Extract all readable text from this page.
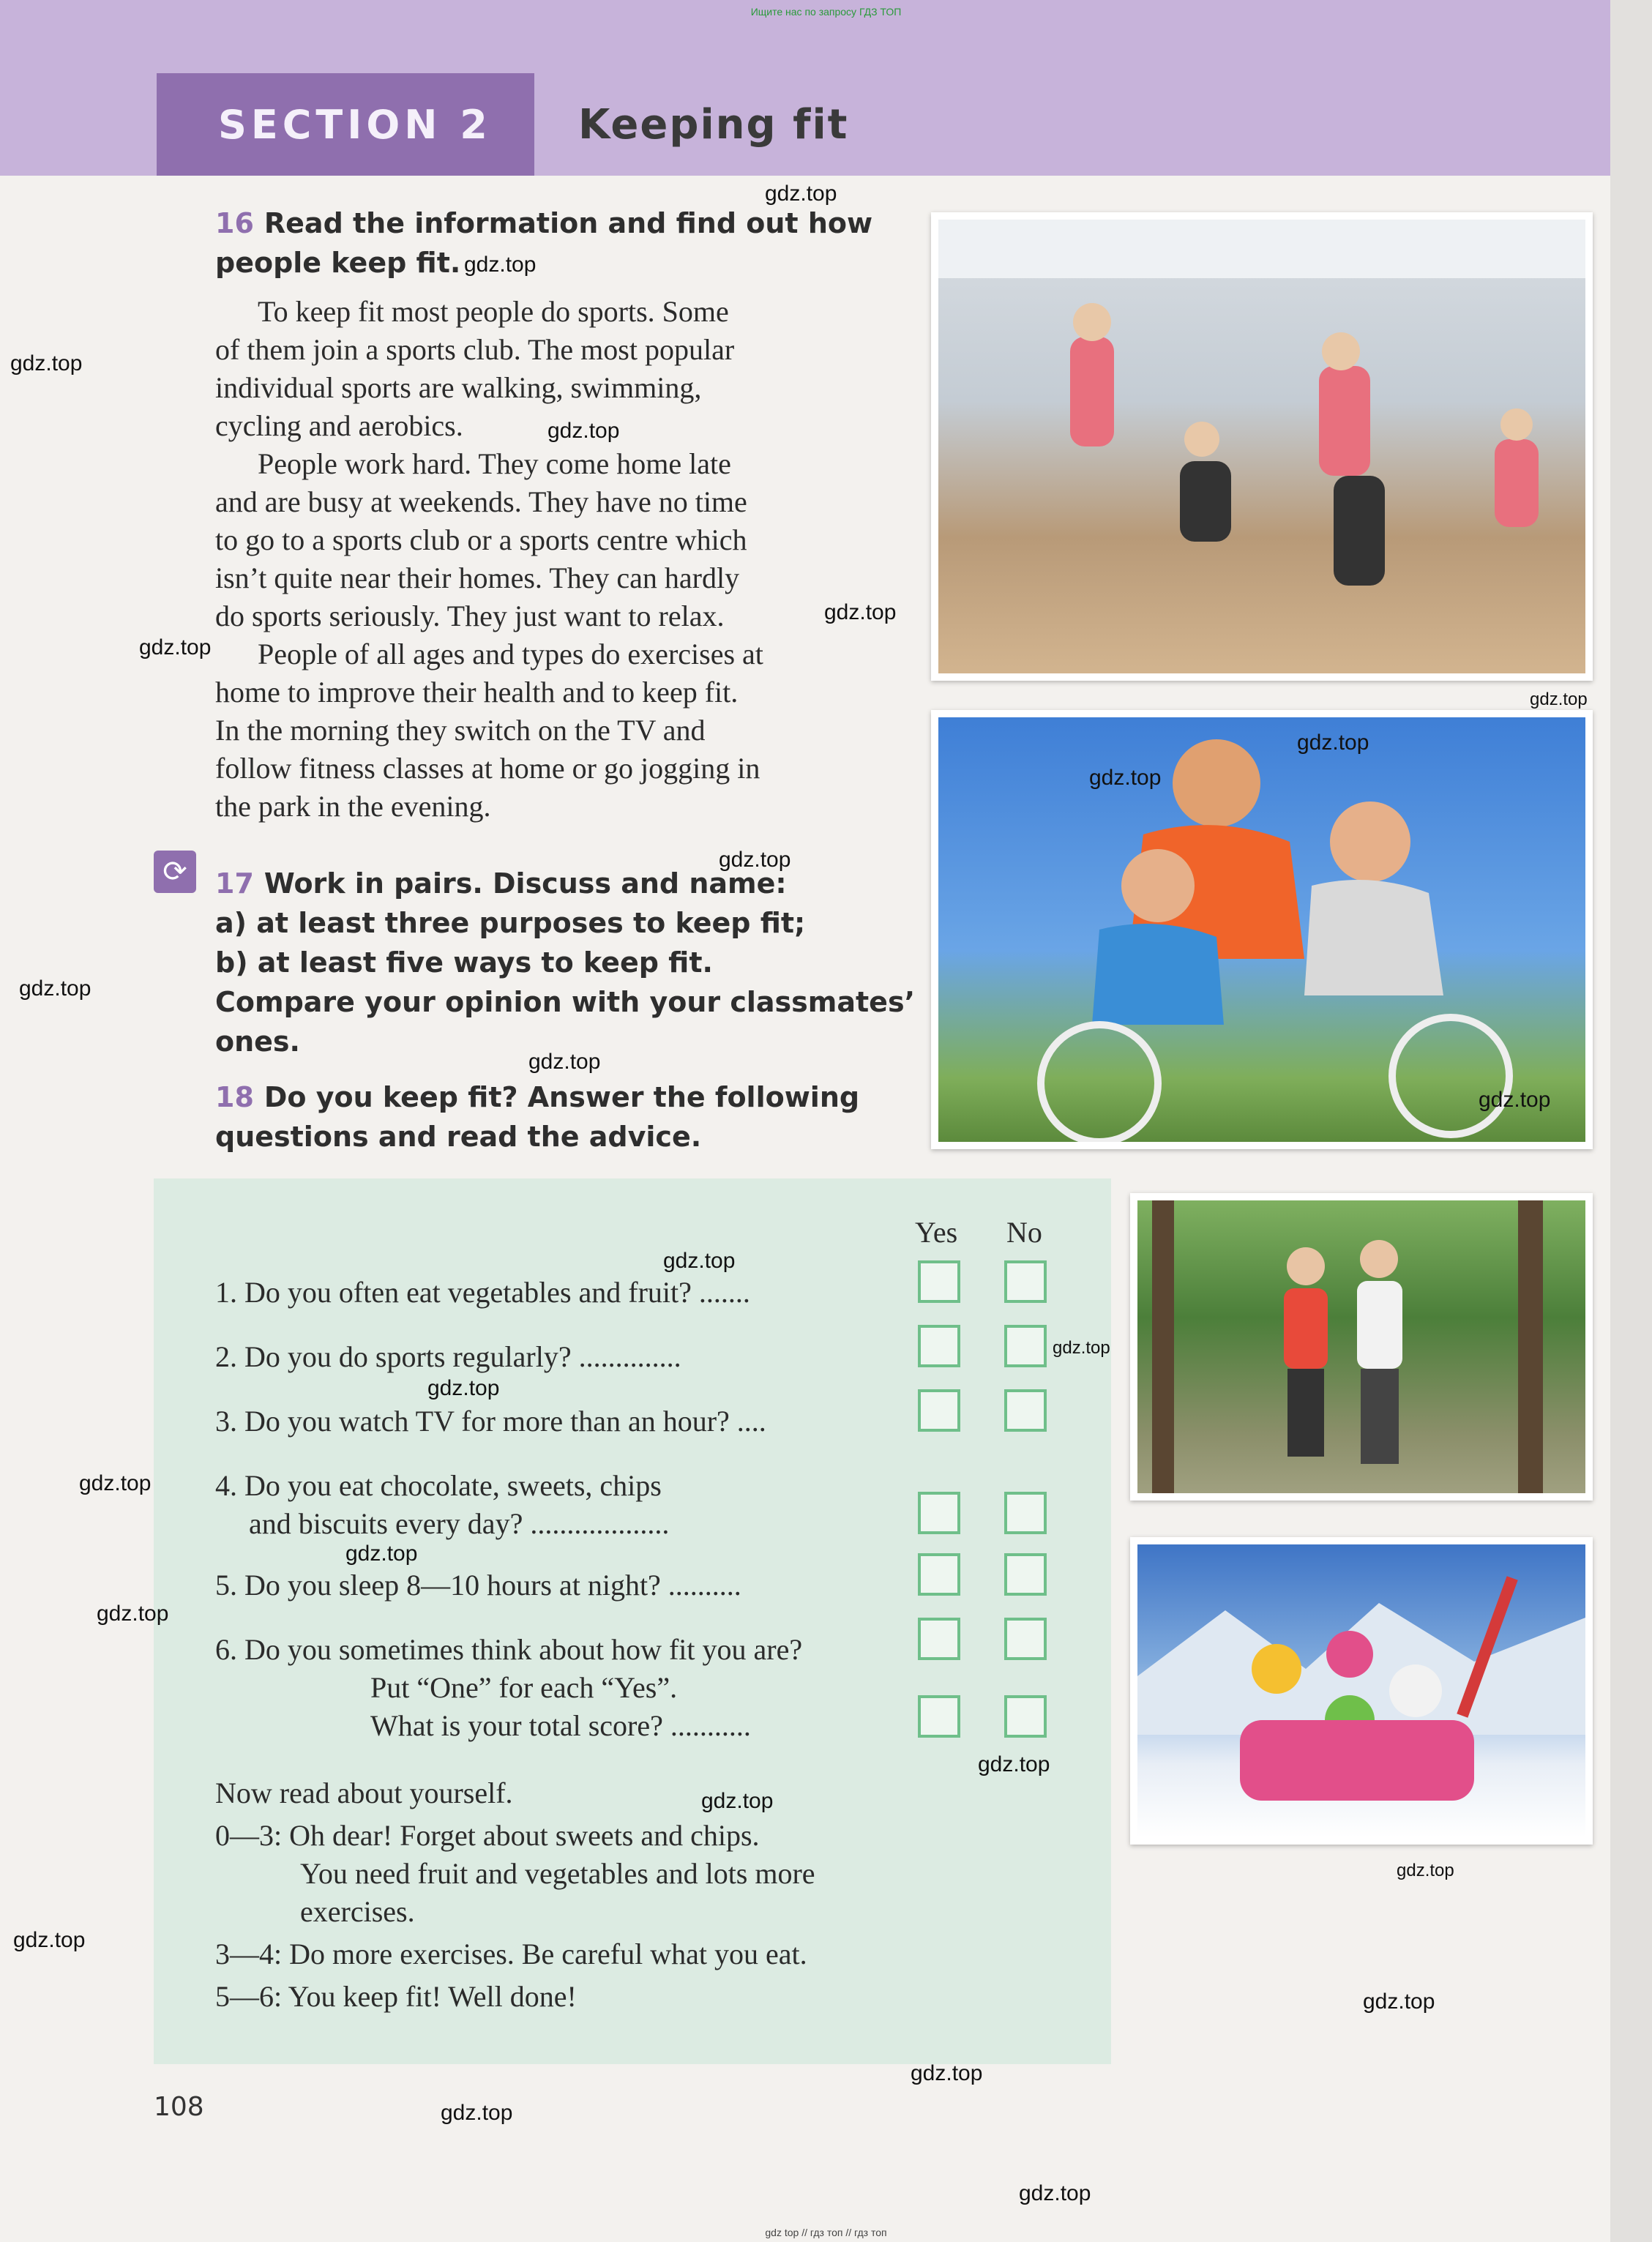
Ищите нас по запросу ГДЗ ТОП
SECTION 2 Keeping fit
16 Read the information and find out how
people keep fit.
To keep fit most people do sports. Some
of them join a sports club. The most popular
individual sports are walking, swimming,
cycling and aerobics.
People work hard. They come home late
and are busy at weekends. They have no time
to go to a sports club or a sports centre which
isn’t quite near their homes. They can hardly
do sports seriously. They just want to relax.
People of all ages and types do exercises at
home to improve their health and to keep fit.
In the morning they switch on the TV and
follow fitness classes at home or go jogging in
the park in the evening.
⟳	17 Work in pairs. Discuss and name:
a) at least three purposes to keep fit;
b) at least five ways to keep fit.
Compare your opinion with your classmates’
ones.
18 Do you keep fit? Answer the following
questions and read the advice.
Yes No
1. Do you often eat vegetables and fruit? .......
2. Do you do sports regularly? ..............
3. Do you watch TV for more than an hour? ....
4. Do you eat chocolate, sweets, chips
and biscuits every day? ...................
5. Do you sleep 8—10 hours at night? ..........
6. Do you sometimes think about how fit you are?
Put “One” for each “Yes”.
What is your total score? ...........
Now read about yourself.
0—3: Oh dear! Forget about sweets and chips.
You need fruit and vegetables and lots more
exercises.
3—4: Do more exercises. Be careful what you eat.
5—6: You keep fit! Well done!
108
gdz.top
gdz.top
gdz.top
gdz.top
gdz.top
gdz.top
gdz.top
gdz.top
gdz.top
gdz.top
gdz.top
gdz.top
gdz.top
gdz.top
gdz.top
gdz.top
gdz.top
gdz.top
gdz.top
gdz.top
gdz.top
gdz.top
gdz.top
gdz.top
gdz.top
gdz.top
gdz.top
gdz top // гдз топ // гдз топ
